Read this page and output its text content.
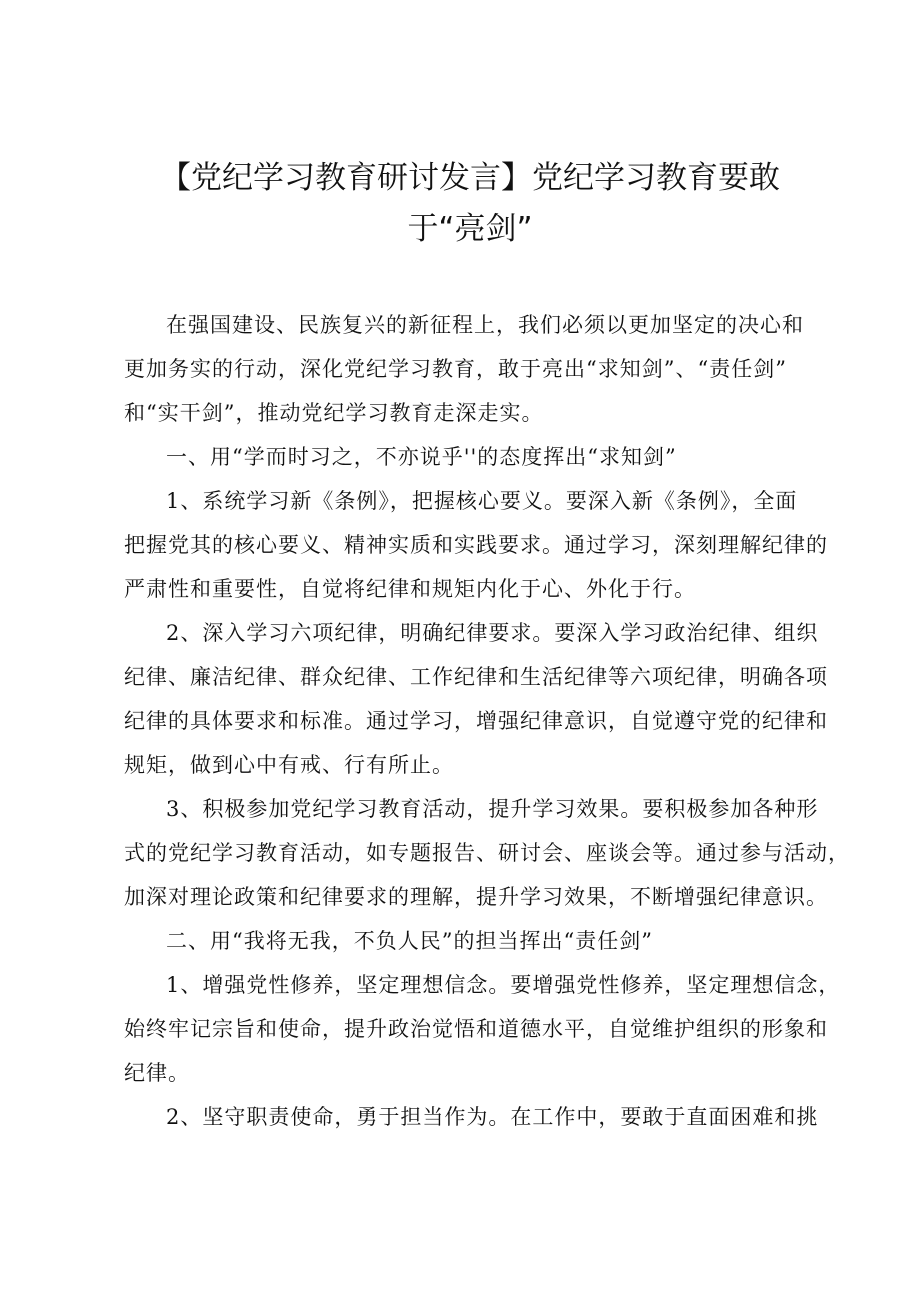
【党纪学习教育研讨发言】党纪学习教育要敢
于“亮剑”
在强国建设、民族复兴的新征程上，我们必须以更加坚定的决心和
更加务实的行动，深化党纪学习教育，敢于亮出“求知剑”、“责任剑”
和“实干剑”，推动党纪学习教育走深走实。
一、用“学而时习之，不亦说乎''的态度挥出“求知剑”
1、系统学习新《条例》，把握核心要义。要深入新《条例》，全面
把握党其的核心要义、精神实质和实践要求。通过学习，深刻理解纪律的
严肃性和重要性，自觉将纪律和规矩内化于心、外化于行。
2、深入学习六项纪律，明确纪律要求。要深入学习政治纪律、组织
纪律、廉洁纪律、群众纪律、工作纪律和生活纪律等六项纪律，明确各项
纪律的具体要求和标准。通过学习，增强纪律意识，自觉遵守党的纪律和
规矩，做到心中有戒、行有所止。
3、积极参加党纪学习教育活动，提升学习效果。要积极参加各种形
式的党纪学习教育活动，如专题报告、研讨会、座谈会等。通过参与活动，
加深对理论政策和纪律要求的理解，提升学习效果，不断增强纪律意识。
二、用“我将无我，不负人民”的担当挥出“责任剑”
1、增强党性修养，坚定理想信念。要增强党性修养，坚定理想信念，
始终牢记宗旨和使命，提升政治觉悟和道德水平，自觉维护组织的形象和
纪律。
2、坚守职责使命，勇于担当作为。在工作中，要敢于直面困难和挑
